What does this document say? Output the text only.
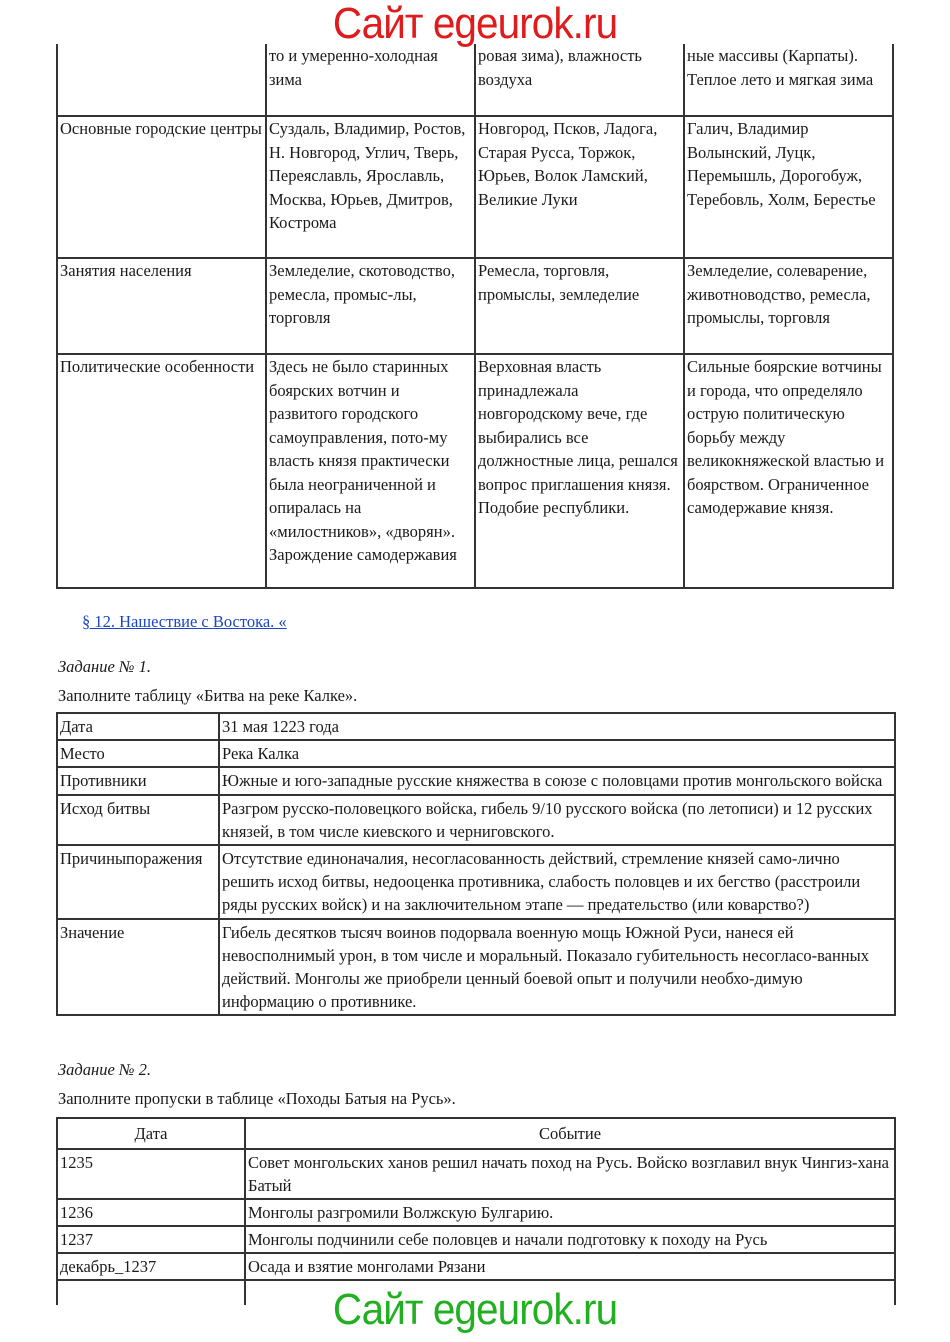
Сайт egeurok.ru
	то и умеренно-холодная зима	ровая зима), влажность воздуха	ные массивы (Карпаты). Теплое лето и мягкая зима
Основные городские центры	Суздаль, Владимир, Ростов, Н. Новгород, Углич, Тверь, Переяславль, Ярославль, Москва, Юрьев, Дмитров, Кострома	Новгород, Псков, Ладога, Старая Русса, Торжок, Юрьев, Волок Ламский, Великие Луки	Галич, Владимир Волынский, Луцк, Перемышль, Дорогобуж, Теребовль, Холм, Берестье
Занятия населения	Земледелие, скотоводство, ремесла, промыс-лы, торговля	Ремесла, торговля, промыслы, земледелие	Земледелие, солеварение, животноводство, ремесла, промыслы, торговля
Политические особенности	Здесь не было старинных боярских вотчин и развитого городского самоуправления, пото-му власть князя практически была неограниченной и опиралась на «милостников», «дворян». Зарождение самодержавия	Верховная власть принадлежала новгородскому вече, где выбирались все должностные лица, решался вопрос приглашения князя. Подобие республики.	Сильные боярские вотчины и города, что определяло острую политическую борьбу между великокняжеской властью и боярством. Ограниченное самодержавие князя.
§ 12. Нашествие с Востока. «
Задание № 1.
Заполните таблицу «Битва на реке Калке».
Дата	31 мая 1223 года
Место	Река Калка
Противники	Южные и юго-западные русские княжества в союзе с половцами против монгольского войска
Исход битвы	Разгром русско-половецкого войска, гибель 9/10 русского войска (по летописи) и 12 русских князей, в том числе киевского и черниговского.
Причиныпоражения	Отсутствие единоначалия, несогласованность действий, стремление князей само-лично решить исход битвы, недооценка противника, слабость половцев и их бегство (расстроили ряды русских войск) и на заключительном этапе — предательство (или коварство?)
Значение	Гибель десятков тысяч воинов подорвала военную мощь Южной Руси, нанеся ей невосполнимый урон, в том числе и моральный. Показало губительность несогласо-ванных действий. Монголы же приобрели ценный боевой опыт и получили необхо-димую информацию о противнике.
Задание № 2.
Заполните пропуски в таблице «Походы Батыя на Русь».
Дата	Событие
1235	Совет монгольских ханов решил начать поход на Русь. Войско возглавил внук Чингиз-хана Батый
1236	Монголы разгромили Волжскую Булгарию.
1237	Монголы подчинили себе половцев и начали подготовку к походу на Русь
декабрь_1237	Осада и взятие монголами Рязани

Сайт egeurok.ru
